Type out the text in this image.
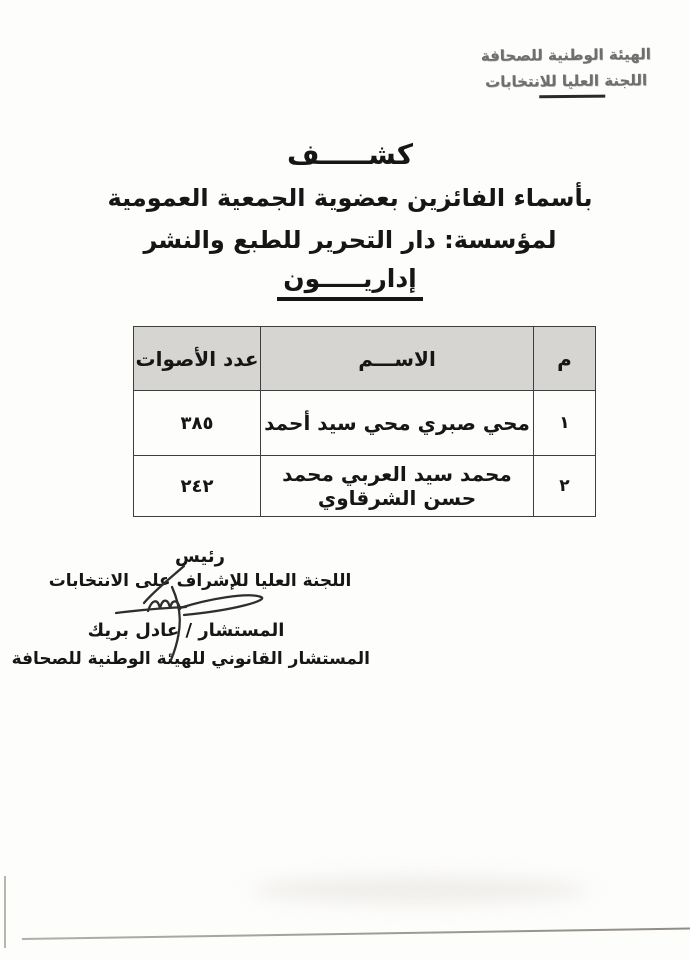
الهيئة الوطنية للصحافة
اللجنة العليا للانتخابات
كشـــــف
بأسماء الفائزين بعضوية الجمعية العمومية
لمؤسسة: دار التحرير للطبع والنشر
إداريـــــون
م	الاســـم	عدد الأصوات
١	محي صبري محي سيد أحمد	٣٨٥
٢	محمد سيد العربي محمد حسن الشرقاوي	٢٤٢
رئيس
اللجنة العليا للإشراف على الانتخابات
المستشار / عادل بريك
المستشار القانوني للهيئة الوطنية للصحافة
